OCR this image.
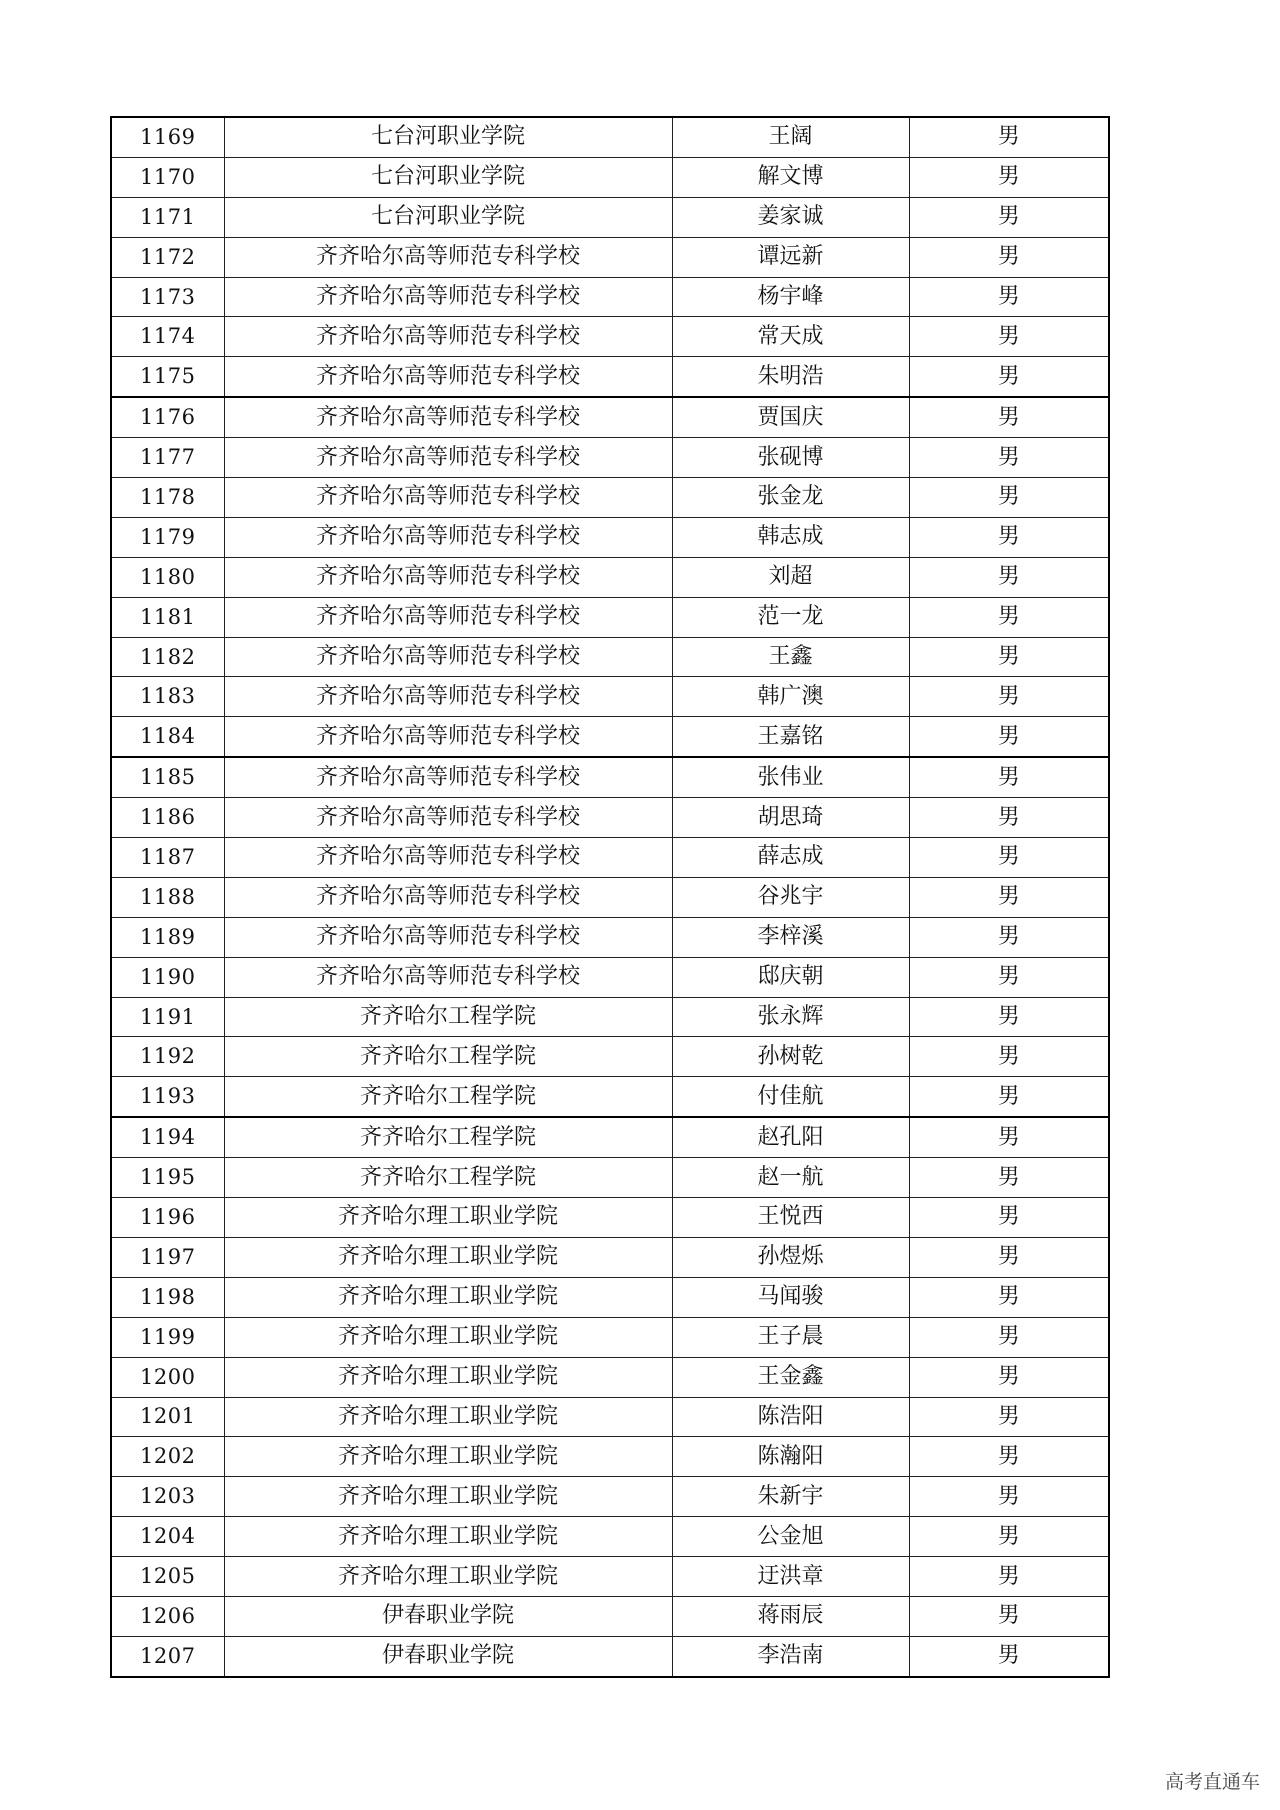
1169	七台河职业学院	王阔	男
1170	七台河职业学院	解文博	男
1171	七台河职业学院	姜家诚	男
1172	齐齐哈尔高等师范专科学校	谭远新	男
1173	齐齐哈尔高等师范专科学校	杨宇峰	男
1174	齐齐哈尔高等师范专科学校	常天成	男
1175	齐齐哈尔高等师范专科学校	朱明浩	男
1176	齐齐哈尔高等师范专科学校	贾国庆	男
1177	齐齐哈尔高等师范专科学校	张砚博	男
1178	齐齐哈尔高等师范专科学校	张金龙	男
1179	齐齐哈尔高等师范专科学校	韩志成	男
1180	齐齐哈尔高等师范专科学校	刘超	男
1181	齐齐哈尔高等师范专科学校	范一龙	男
1182	齐齐哈尔高等师范专科学校	王鑫	男
1183	齐齐哈尔高等师范专科学校	韩广澳	男
1184	齐齐哈尔高等师范专科学校	王嘉铭	男
1185	齐齐哈尔高等师范专科学校	张伟业	男
1186	齐齐哈尔高等师范专科学校	胡思琦	男
1187	齐齐哈尔高等师范专科学校	薛志成	男
1188	齐齐哈尔高等师范专科学校	谷兆宇	男
1189	齐齐哈尔高等师范专科学校	李梓溪	男
1190	齐齐哈尔高等师范专科学校	邸庆朝	男
1191	齐齐哈尔工程学院	张永辉	男
1192	齐齐哈尔工程学院	孙树乾	男
1193	齐齐哈尔工程学院	付佳航	男
1194	齐齐哈尔工程学院	赵孔阳	男
1195	齐齐哈尔工程学院	赵一航	男
1196	齐齐哈尔理工职业学院	王悦西	男
1197	齐齐哈尔理工职业学院	孙煜烁	男
1198	齐齐哈尔理工职业学院	马闻骏	男
1199	齐齐哈尔理工职业学院	王子晨	男
1200	齐齐哈尔理工职业学院	王金鑫	男
1201	齐齐哈尔理工职业学院	陈浩阳	男
1202	齐齐哈尔理工职业学院	陈瀚阳	男
1203	齐齐哈尔理工职业学院	朱新宇	男
1204	齐齐哈尔理工职业学院	公金旭	男
1205	齐齐哈尔理工职业学院	迂洪章	男
1206	伊春职业学院	蒋雨辰	男
1207	伊春职业学院	李浩南	男
高考直通车
